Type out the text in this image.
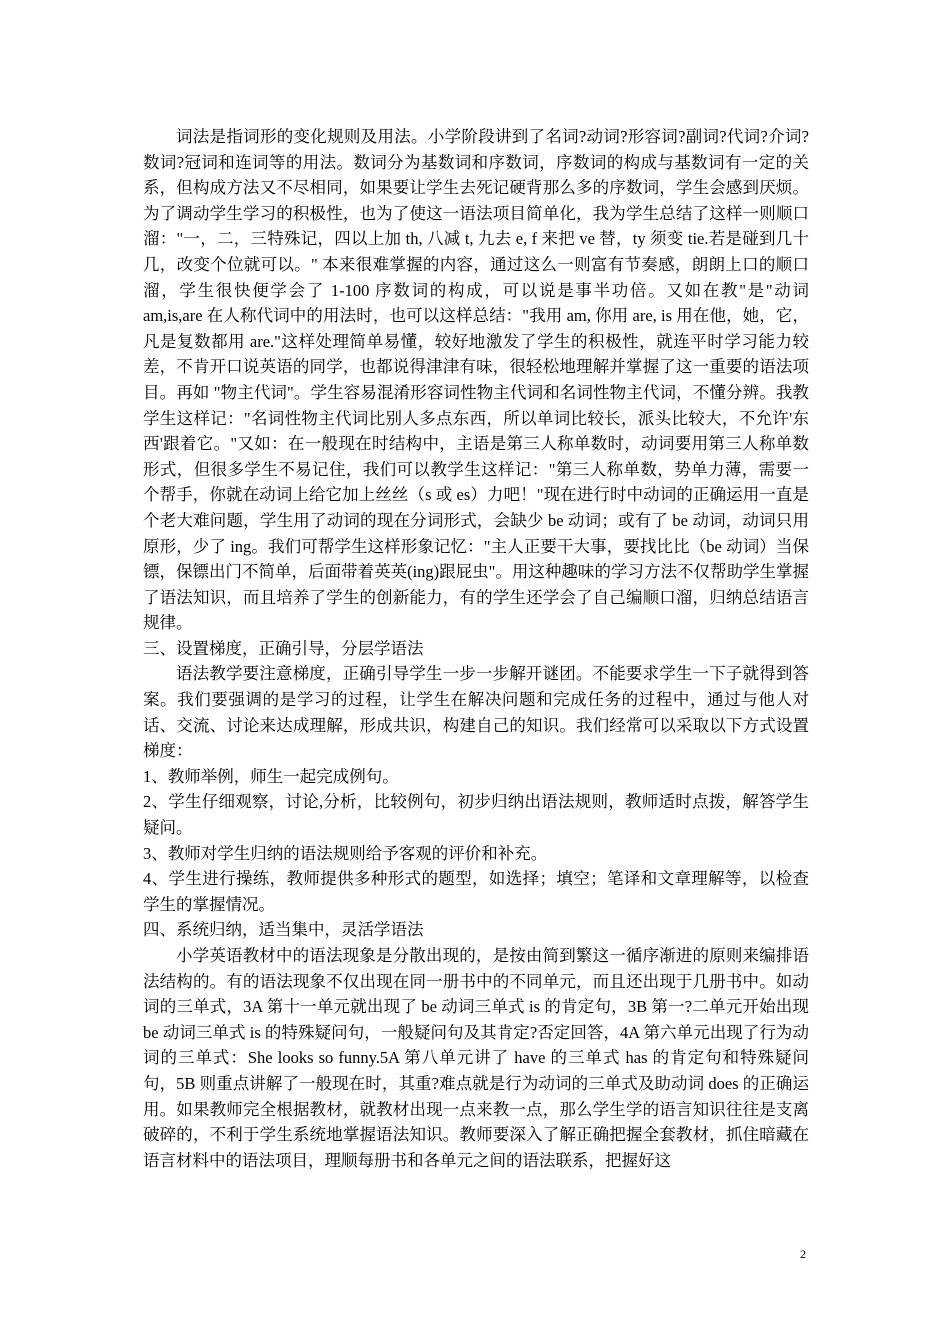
词法是指词形的变化规则及用法。小学阶段讲到了名词?动词?形容词?副词?代词?介词?数词?冠词和连词等的用法。数词分为基数词和序数词，序数词的构成与基数词有一定的关系，但构成方法又不尽相同，如果要让学生去死记硬背那么多的序数词，学生会感到厌烦。为了调动学生学习的积极性，也为了使这一语法项目简单化，我为学生总结了这样一则顺口溜："一，二，三特殊记，四以上加 th, 八减 t, 九去 e, f 来把 ve 替，ty 须变 tie.若是碰到几十几，改变个位就可以。" 本来很难掌握的内容，通过这么一则富有节奏感，朗朗上口的顺口溜，学生很快便学会了 1-100 序数词的构成，可以说是事半功倍。又如在教"是"动词 am,is,are 在人称代词中的用法时，也可以这样总结："我用 am, 你用 are, is 用在他，她，它，凡是复数都用 are."这样处理简单易懂，较好地激发了学生的积极性，就连平时学习能力较差，不肯开口说英语的同学，也都说得津津有味，很轻松地理解并掌握了这一重要的语法项目。再如 "物主代词"。学生容易混淆形容词性物主代词和名词性物主代词，不懂分辨。我教学生这样记："名词性物主代词比别人多点东西，所以单词比较长，派头比较大，不允许'东西'跟着它。"又如：在一般现在时结构中，主语是第三人称单数时，动词要用第三人称单数形式，但很多学生不易记住，我们可以教学生这样记："第三人称单数，势单力薄，需要一个帮手，你就在动词上给它加上丝丝（s 或 es）力吧！"现在进行时中动词的正确运用一直是个老大难问题，学生用了动词的现在分词形式，会缺少 be 动词；或有了 be 动词，动词只用原形，少了 ing。我们可帮学生这样形象记忆："主人正要干大事，要找比比（be 动词）当保镖，保镖出门不简单，后面带着英英(ing)跟屁虫"。用这种趣味的学习方法不仅帮助学生掌握了语法知识，而且培养了学生的创新能力，有的学生还学会了自己编顺口溜，归纳总结语言规律。

三、设置梯度，正确引导，分层学语法

语法教学要注意梯度，正确引导学生一步一步解开谜团。不能要求学生一下子就得到答案。我们要强调的是学习的过程，让学生在解决问题和完成任务的过程中，通过与他人对话、交流、讨论来达成理解，形成共识，构建自己的知识。我们经常可以采取以下方式设置梯度：

1、教师举例，师生一起完成例句。

2、学生仔细观察，讨论,分析，比较例句，初步归纳出语法规则，教师适时点拨，解答学生疑问。

3、教师对学生归纳的语法规则给予客观的评价和补充。

4、学生进行操练，教师提供多种形式的题型，如选择；填空；笔译和文章理解等，以检查学生的掌握情况。

四、系统归纳，适当集中，灵活学语法

小学英语教材中的语法现象是分散出现的，是按由简到繁这一循序渐进的原则来编排语法结构的。有的语法现象不仅出现在同一册书中的不同单元，而且还出现于几册书中。如动词的三单式，3A 第十一单元就出现了 be 动词三单式 is 的肯定句，3B 第一?二单元开始出现 be 动词三单式 is 的特殊疑问句，一般疑问句及其肯定?否定回答，4A 第六单元出现了行为动词的三单式：She looks so funny.5A 第八单元讲了 have 的三单式 has 的肯定句和特殊疑问句，5B 则重点讲解了一般现在时，其重?难点就是行为动词的三单式及助动词 does 的正确运用。如果教师完全根据教材，就教材出现一点来教一点，那么学生学的语言知识往往是支离破碎的，不利于学生系统地掌握语法知识。教师要深入了解正确把握全套教材，抓住暗藏在语言材料中的语法项目，理顺每册书和各单元之间的语法联系，把握好这

2
